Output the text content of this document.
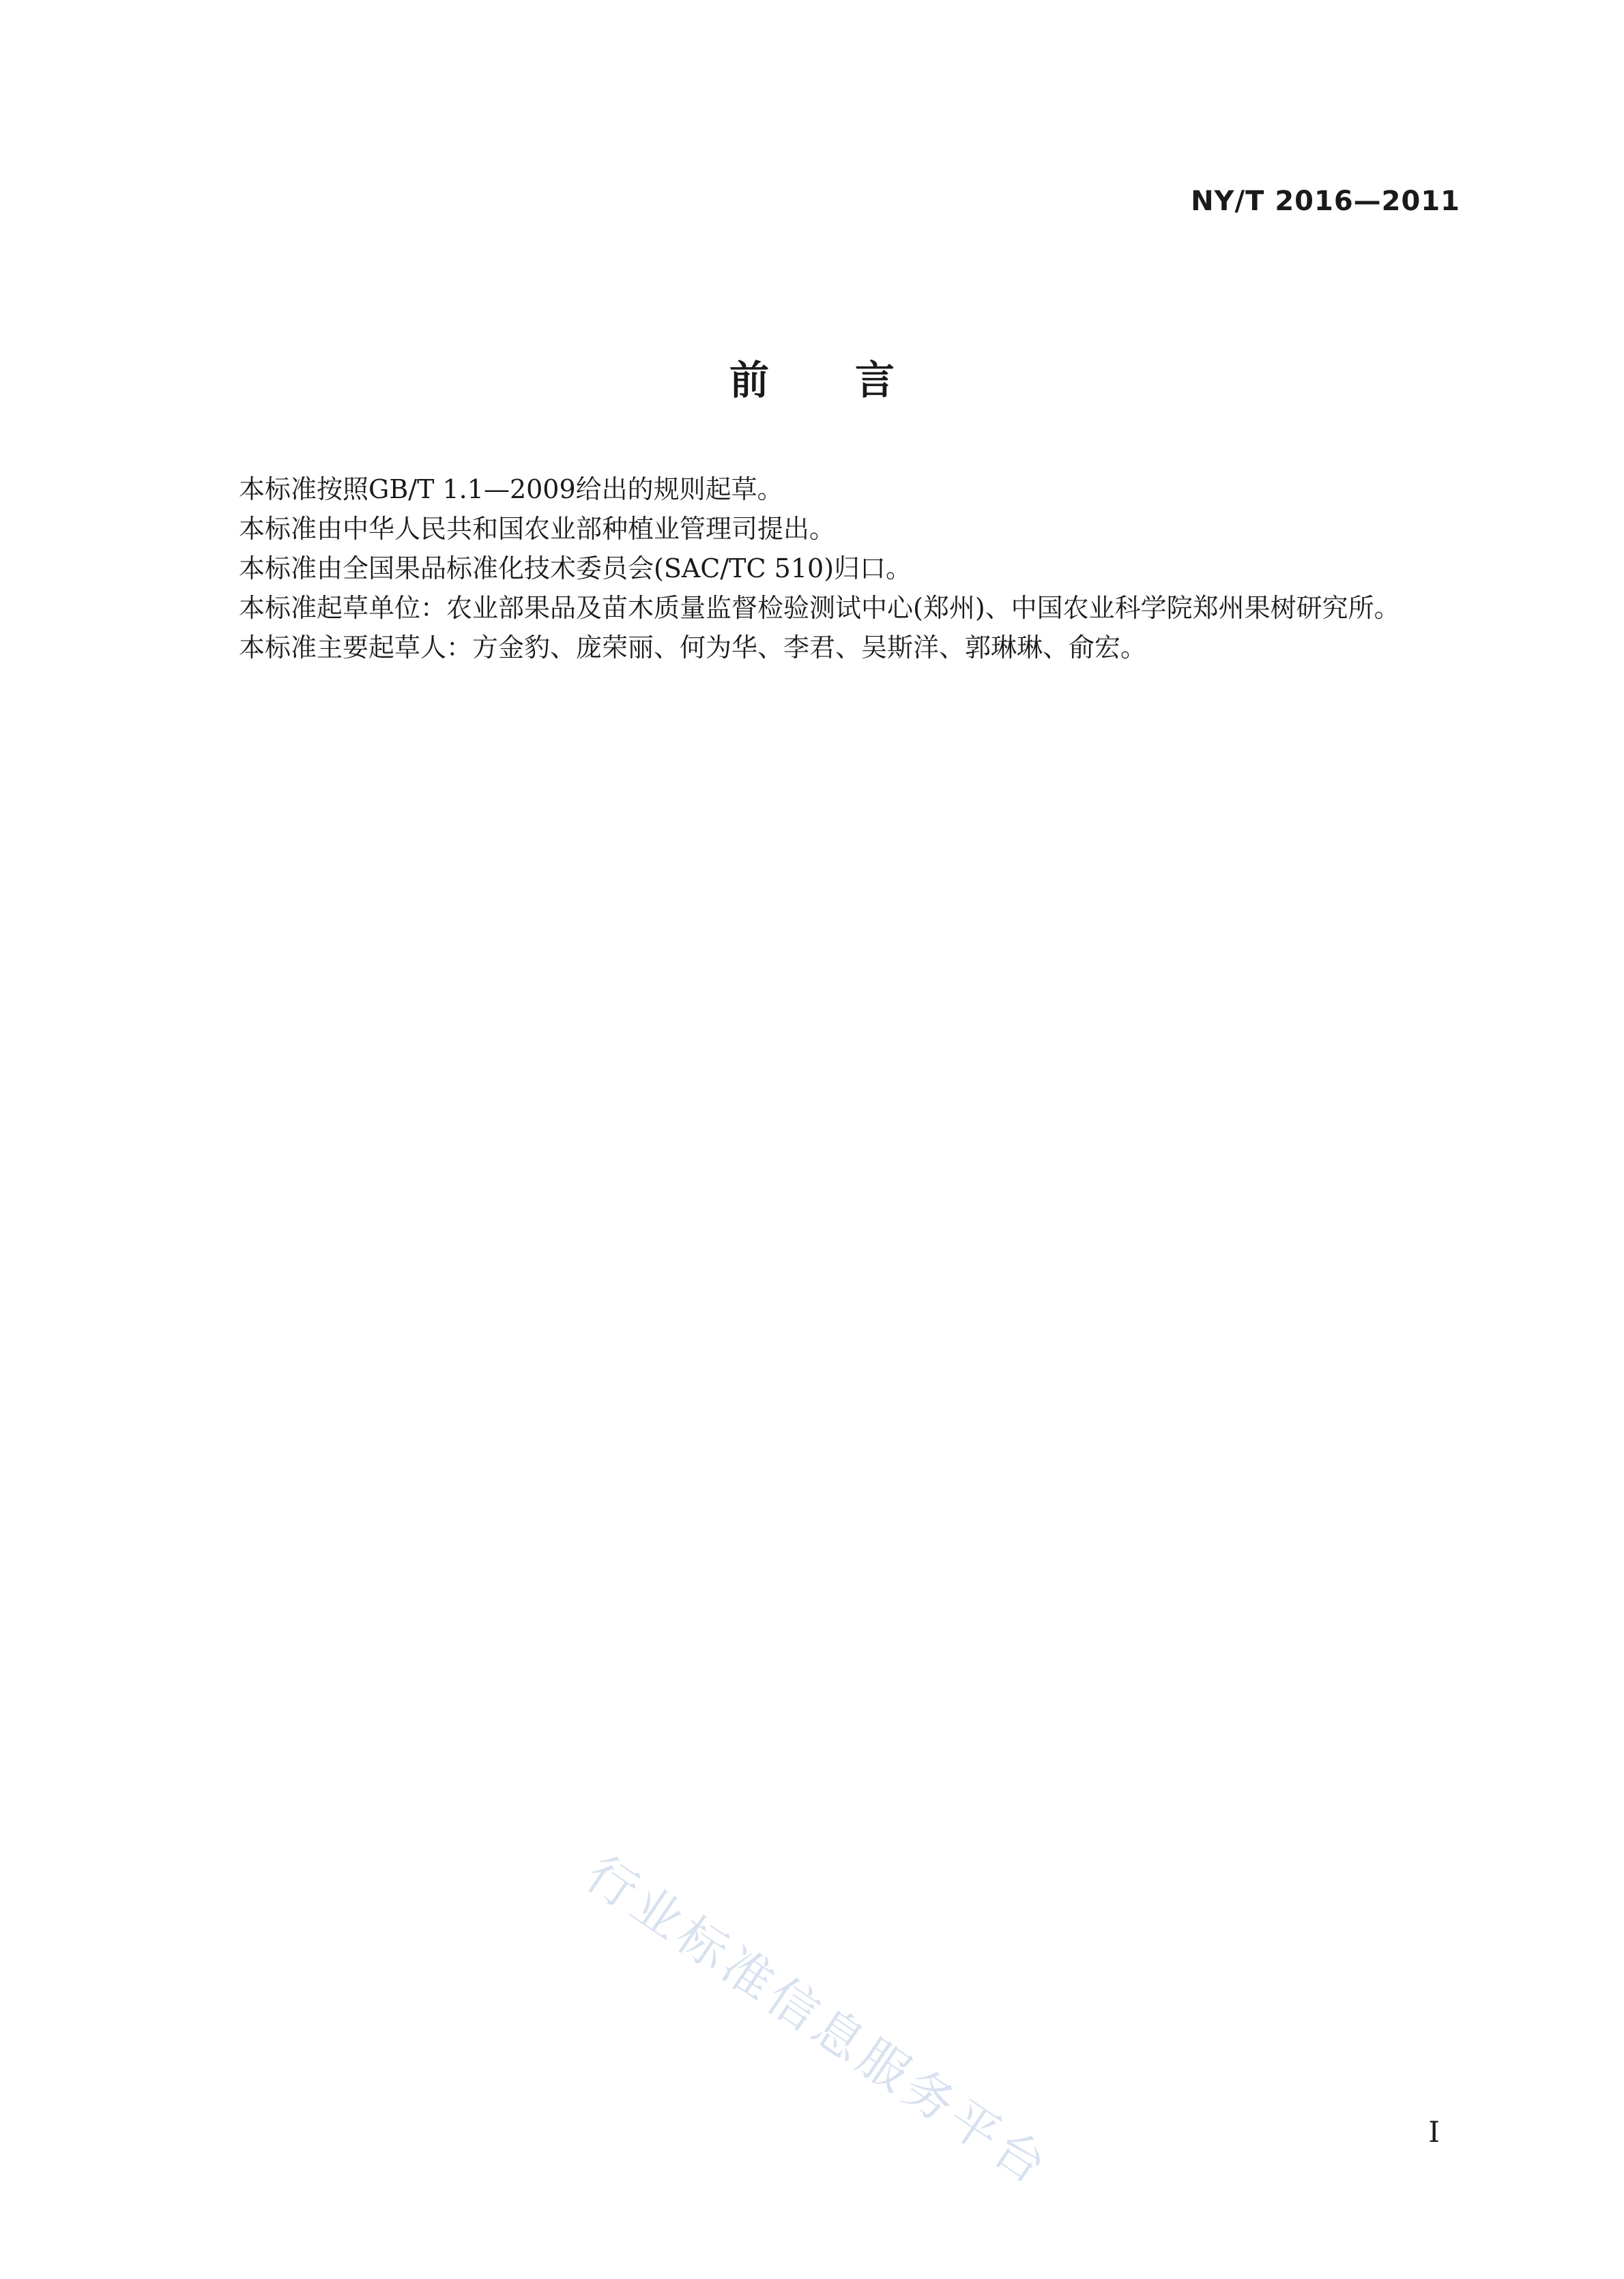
NY/T 2016—2011
前言

本标准按照GB/T 1.1—2009给出的规则起草。

本标准由中华人民共和国农业部种植业管理司提出。

本标准由全国果品标准化技术委员会(SAC/TC 510)归口。

本标准起草单位：农业部果品及苗木质量监督检验测试中心(郑州)、中国农业科学院郑州果树研究所。

本标准主要起草人：方金豹、庞荣丽、何为华、李君、吴斯洋、郭琳琳、俞宏。

行业标准信息服务平台	I
